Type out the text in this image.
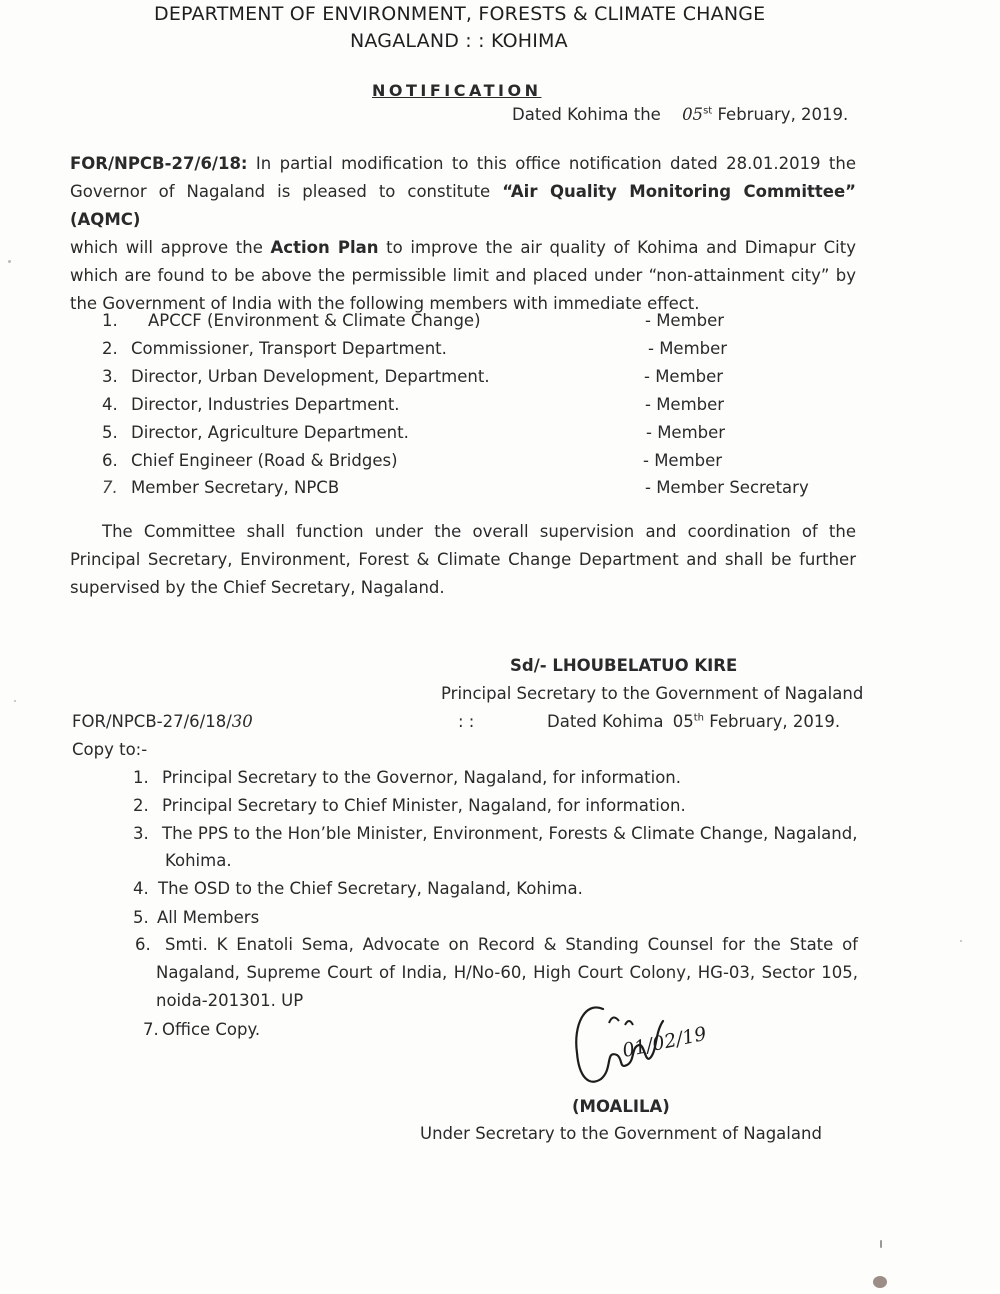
DEPARTMENT OF ENVIRONMENT, FORESTS & CLIMATE CHANGE
NAGALAND : : KOHIMA
NOTIFICATION
Dated Kohima the 05st February, 2019.
FOR/NPCB-27/6/18: In partial modification to this office notification dated 28.01.2019 the
Governor of Nagaland is pleased to constitute “Air Quality Monitoring Committee” (AQMC)
which will approve the Action Plan to improve the air quality of Kohima and Dimapur City
which are found to be above the permissible limit and placed under “non-attainment city” by
the Government of India with the following members with immediate effect.
1. APCCF (Environment & Climate Change)	- Member
2. Commissioner, Transport Department.	- Member
3. Director, Urban Development, Department.	- Member
4. Director, Industries Department.	- Member
5. Director, Agriculture Department.	- Member
6. Chief Engineer (Road & Bridges)	- Member
7. Member Secretary, NPCB	- Member Secretary
The Committee shall function under the overall supervision and coordination of the
Principal Secretary, Environment, Forest & Climate Change Department and shall be further
supervised by the Chief Secretary, Nagaland.
Sd/- LHOUBELATUO KIRE
Principal Secretary to the Government of Nagaland
FOR/NPCB-27/6/18/30	: :	Dated Kohima 05th February, 2019.
Copy to:-
1. Principal Secretary to the Governor, Nagaland, for information.
2. Principal Secretary to Chief Minister, Nagaland, for information.
3. The PPS to the Hon’ble Minister, Environment, Forests & Climate Change, Nagaland,
Kohima.
4. The OSD to the Chief Secretary, Nagaland, Kohima.
5. All Members
6. Smti. K Enatoli Sema, Advocate on Record & Standing Counsel for the State of
Nagaland, Supreme Court of India, H/No-60, High Court Colony, HG-03, Sector 105,
noida-201301. UP
7. Office Copy.	01/02/19
(MOALILA)
Under Secretary to the Government of Nagaland
